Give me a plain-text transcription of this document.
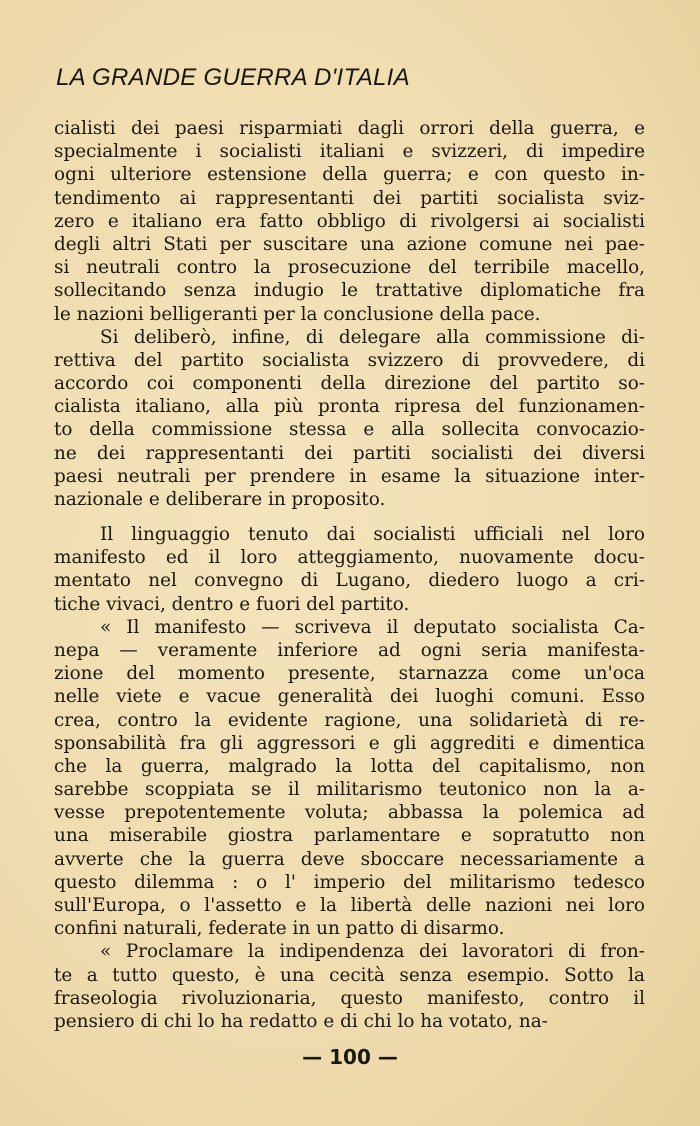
LA GRANDE GUERRA D'ITALIA
cialisti dei paesi risparmiati dagli orrori della guerra, e
specialmente i socialisti italiani e svizzeri, di impedire
ogni ulteriore estensione della guerra; e con questo in-
tendimento ai rappresentanti dei partiti socialista sviz-
zero e italiano era fatto obbligo di rivolgersi ai socialisti
degli altri Stati per suscitare una azione comune nei pae-
si neutrali contro la prosecuzione del terribile macello,
sollecitando senza indugio le trattative diplomatiche fra
le nazioni belligeranti per la conclusione della pace.
Si deliberò, infine, di delegare alla commissione di-
rettiva del partito socialista svizzero di provvedere, di
accordo coi componenti della direzione del partito so-
cialista italiano, alla più pronta ripresa del funzionamen-
to della commissione stessa e alla sollecita convocazio-
ne dei rappresentanti dei partiti socialisti dei diversi
paesi neutrali per prendere in esame la situazione inter-
nazionale e deliberare in proposito.
Il linguaggio tenuto dai socialisti ufficiali nel loro
manifesto ed il loro atteggiamento, nuovamente docu-
mentato nel convegno di Lugano, diedero luogo a cri-
tiche vivaci, dentro e fuori del partito.
« Il manifesto — scriveva il deputato socialista Ca-
nepa — veramente inferiore ad ogni seria manifesta-
zione del momento presente, starnazza come un'oca
nelle viete e vacue generalità dei luoghi comuni. Esso
crea, contro la evidente ragione, una solidarietà di re-
sponsabilità fra gli aggressori e gli aggrediti e dimentica
che la guerra, malgrado la lotta del capitalismo, non
sarebbe scoppiata se il militarismo teutonico non la a-
vesse prepotentemente voluta; abbassa la polemica ad
una miserabile giostra parlamentare e sopratutto non
avverte che la guerra deve sboccare necessariamente a
questo dilemma : o l' imperio del militarismo tedesco
sull'Europa, o l'assetto e la libertà delle nazioni nei loro
confini naturali, federate in un patto di disarmo.
« Proclamare la indipendenza dei lavoratori di fron-
te a tutto questo, è una cecità senza esempio. Sotto la
fraseologia rivoluzionaria, questo manifesto, contro il
pensiero di chi lo ha redatto e di chi lo ha votato, na-
— 100 —
